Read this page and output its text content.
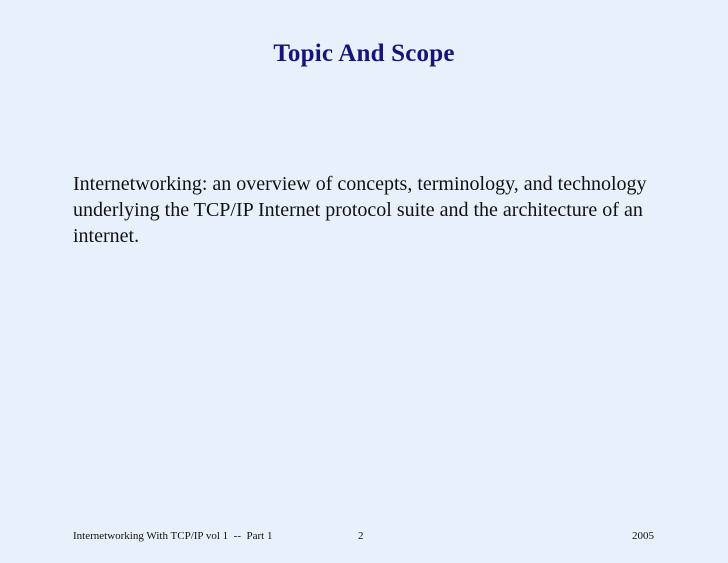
Topic And Scope
Internetworking: an overview of concepts, terminology, and technology underlying the TCP/IP Internet protocol suite and the architecture of an internet.
Internetworking With TCP/IP vol 1  --  Part 1	2	2005
